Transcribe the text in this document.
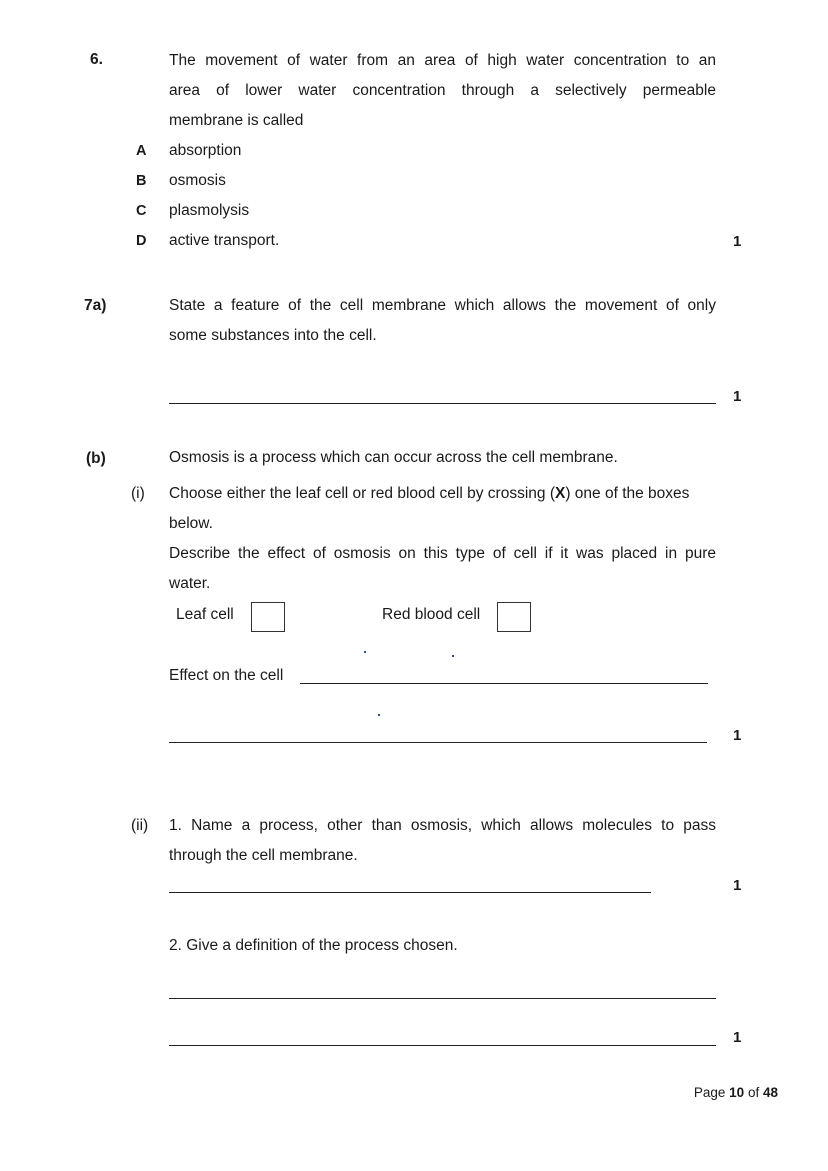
6.	The movement of water from an area of high water concentration to an
area of lower water concentration through a selectively permeable
membrane is called
A absorption
B osmosis
C plasmolysis
D active transport.	1
7a)	State a feature of the cell membrane which allows the movement of only
some substances into the cell.
1
(b)	Osmosis is a process which can occur across the cell membrane.
(i) Choose either the leaf cell or red blood cell by crossing (X) one of the boxes
below.
Describe the effect of osmosis on this type of cell if it was placed in pure
water.
Leaf cell	Red blood cell
Effect on the cell
1
(ii) 1. Name a process, other than osmosis, which allows molecules to pass
through the cell membrane.
1
2. Give a definition of the process chosen.
1
Page 10 of 48
